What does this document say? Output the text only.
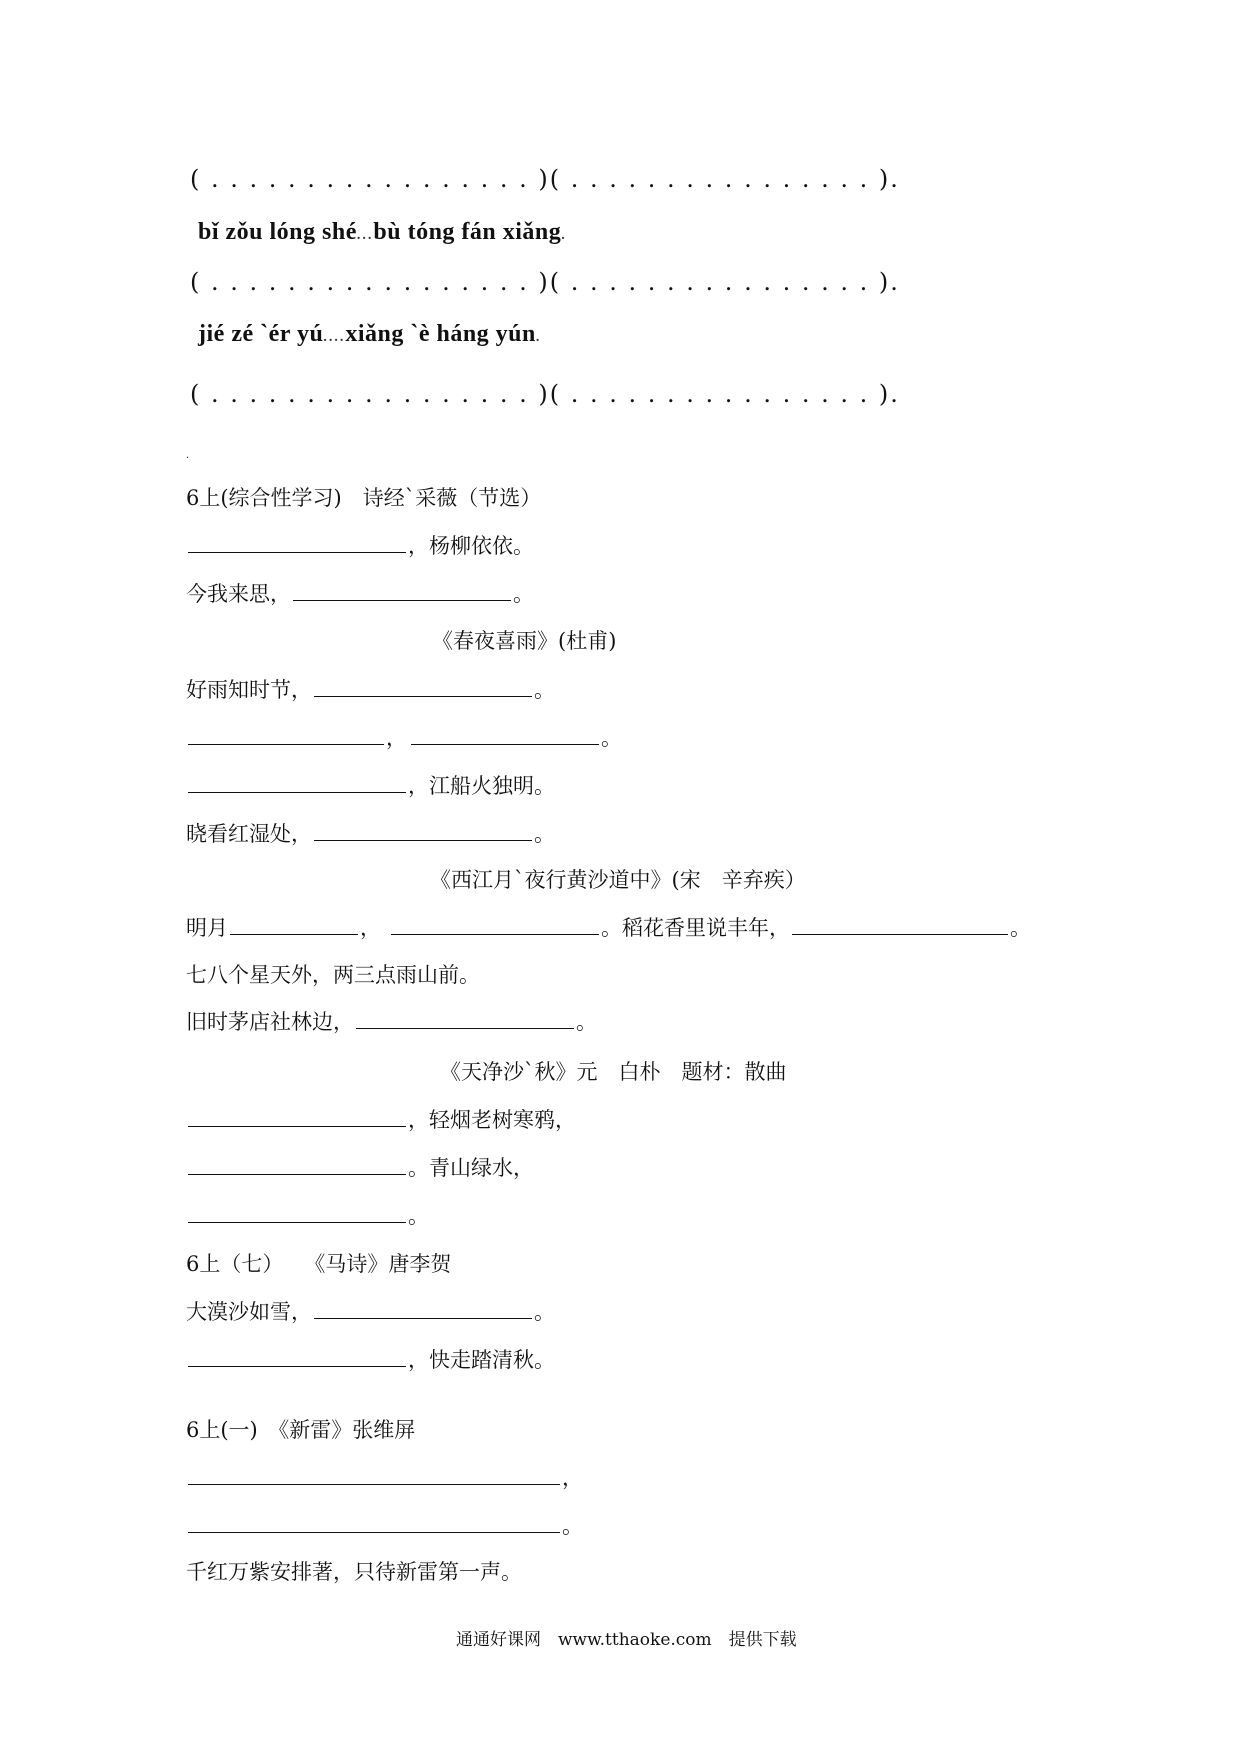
( . . . . . . . . . . . . . . . . . )( . . . . . . . . . . . . . . . . ).
bǐ zǒu lóng shé...bù tóng fán xiǎng.
( . . . . . . . . . . . . . . . . . )( . . . . . . . . . . . . . . . . ).
jié zé `ér yú....xiǎng `è háng yún.
( . . . . . . . . . . . . . . . . . )( . . . . . . . . . . . . . . . . ).
.
6上(综合性学习)　诗经`采薇（节选）
，杨柳依依。
今我来思，	。
《春夜喜雨》(杜甫)
好雨知时节，	。
，	。
，江船火独明。
晓看红湿处，	。
《西江月`夜行黄沙道中》(宋　辛弃疾）
明月	，	。稻花香里说丰年，	。
七八个星天外，两三点雨山前。
旧时茅店社林边，	。
《天净沙`秋》元　白朴　题材：散曲
，轻烟老树寒鸦，
。青山绿水，
。
6上（七）　　《马诗》唐李贺
大漠沙如雪，	。
，快走踏清秋。
6上(一)　《新雷》张维屏
，
。
千红万紫安排著，只待新雷第一声。
通通好课网　www.tthaoke.com　提供下载
